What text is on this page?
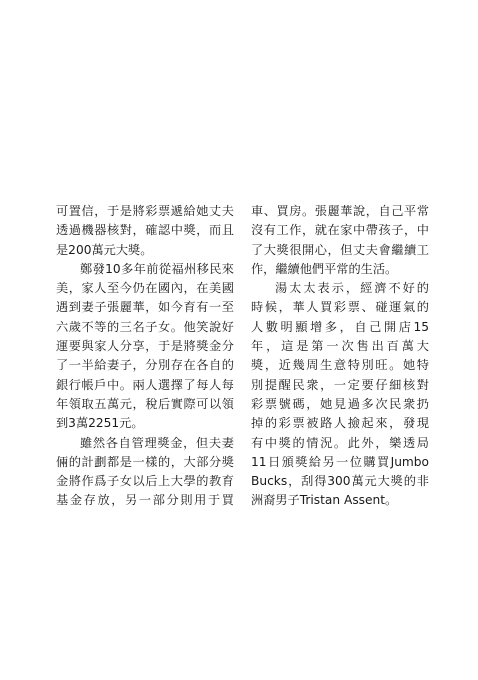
可置信，于是將彩票遞給她丈夫
透過機器核對，確認中獎，而且
是200萬元大獎。
鄭發10多年前從福州移民來
美，家人至今仍在國內，在美國
遇到妻子張麗華，如今育有一至
六歲不等的三名子女。他笑說好
運要與家人分享，于是將獎金分
了一半給妻子，分別存在各自的
銀行帳戶中。兩人選擇了每人每
年領取五萬元，稅后實際可以領
到3萬2251元。
雖然各自管理獎金，但夫妻
倆的計劃都是一樣的，大部分獎
金將作爲子女以后上大學的教育
基金存放，另一部分則用于買
車、買房。張麗華說，自己平常
沒有工作，就在家中帶孩子，中
了大獎很開心，但丈夫會繼續工
作，繼續他們平常的生活。
湯太太表示，經濟不好的
時候，華人買彩票、碰運氣的
人數明顯增多，自己開店15
年，這是第一次售出百萬大
獎，近幾周生意特別旺。她特
別提醒民衆，一定要仔細核對
彩票號碼，她見過多次民衆扔
掉的彩票被路人撿起來，發現
有中獎的情況。此外，樂透局
11日頒獎給另一位購買Jumbo
Bucks，刮得300萬元大獎的非
洲裔男子Tristan Assent。
